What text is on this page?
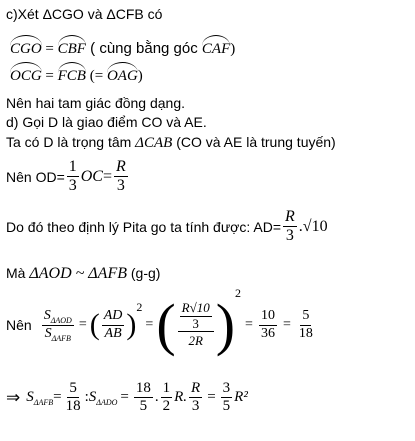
c)Xét ΔCGO và ΔCFB có
CGO = CBF ( cùng bằng góc CAF)
OCG = FCB (= OAG)
Nên hai tam giác đồng dạng.
d) Gọi D là giao điểm CO và AE.
Ta có D là trọng tâm ΔCAB (CO và AE là trung tuyến)
Nên $OD= \frac{1}{3}$ OC = $\frac{R}{3}$
Do đó theo định lý Pita go ta tính được: $AD= \frac{R}{3} .√10$
Mà ΔAOD ~ ΔAFB (g-g)
Nên $\frac{S_{\Delta AOD}}{S_{\Delta AFB}}$ = ( $\frac{AD}{AB}$ )
2
= ( $\frac{\frac{R√10}{3}}{2R}$ ) 2
= $\frac{10}{36} = \frac{5}{18}$
⇒ $S_{\Delta AFB} = \frac{5}{18}$ : $S_{\Delta ADO} = \frac{18}{5}$ . $\frac{1}{2} R$. $\frac{R}{3} = \frac{3}{5} R^2$
